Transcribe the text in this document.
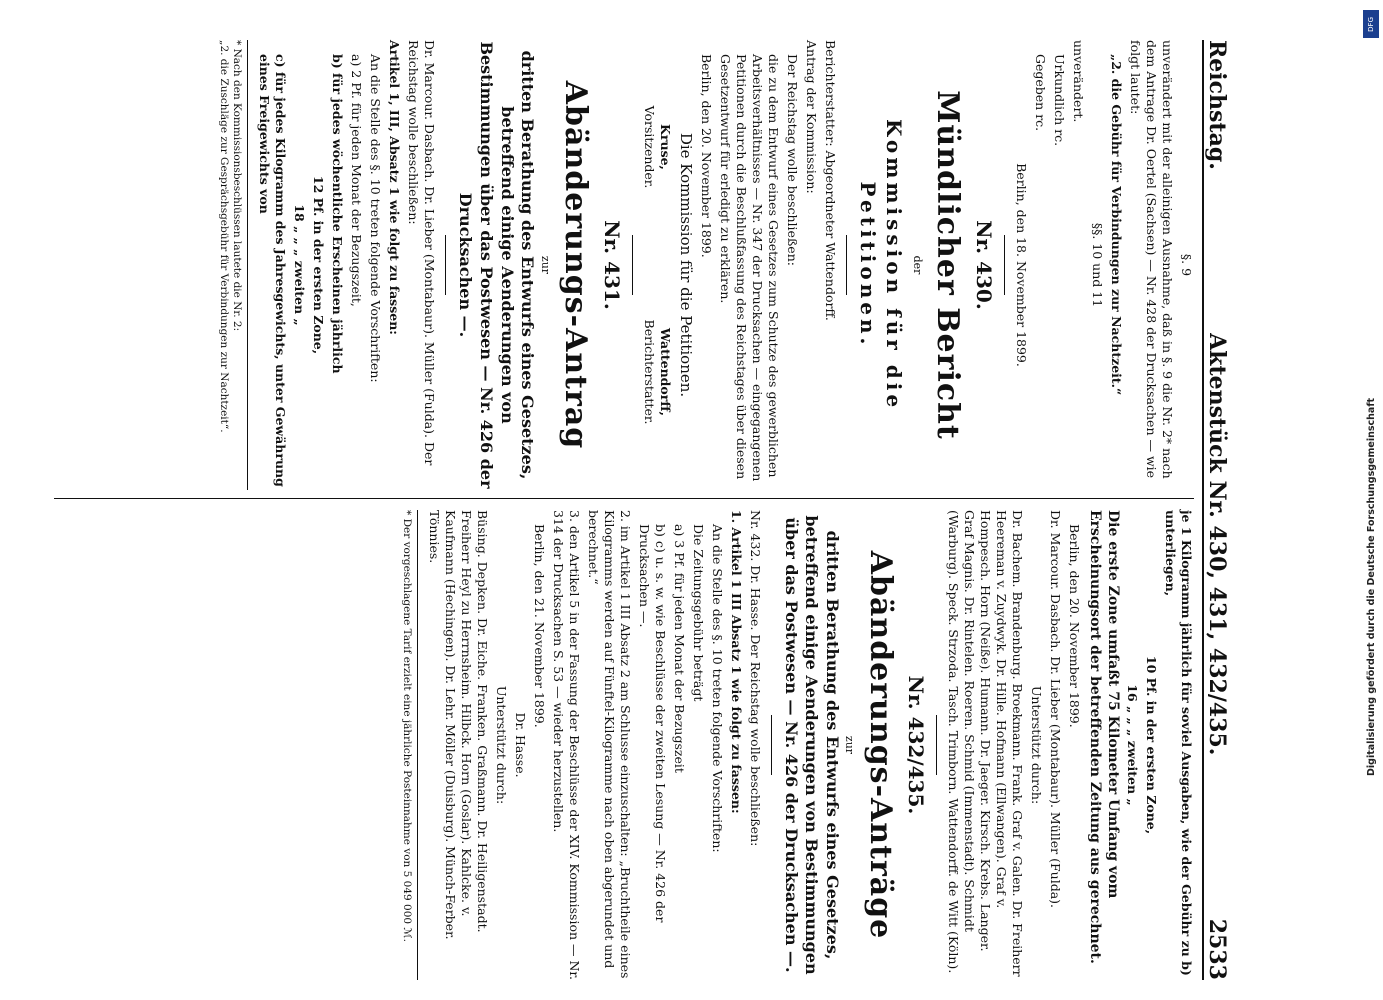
Reichstag.
Aktenstück Nr. 430, 431, 432/435.
2533

§. 9

unverändert mit der alleinigen Ausnahme, daß in §. 9 die Nr. 2* nach dem Antrage Dr. Oertel (Sachsen) — Nr. 428 der Drucksachen — wie folgt lautet:

„2. die Gebühr für Verbindungen zur Nachtzeit.“

§§. 10 und 11

unverändert.

Urkundlich rc.

Gegeben rc.

Berlin, den 18. November 1899.

Nr. 430.
Mündlicher Bericht
der
Kommission für die Petitionen.

Berichterstatter: Abgeordneter Wattendorff.

Antrag der Kommission:

Der Reichstag wolle beschließen:

die zu dem Entwurf eines Gesetzes zum Schutze des gewerblichen Arbeitsverhältnisses — Nr. 347 der Drucksachen — eingegangenen Petitionen durch die Beschlußfassung des Reichstages über diesen Gesetzentwurf für erledigt zu erklären.

Berlin, den 20. November 1899.

Die Kommission für die Petitionen.

Kruse,
Vorsitzender.
Wattendorff,
Berichterstatter.
Nr. 431.
Abänderungs-Antrag
zur
dritten Berathung des Entwurfs eines Gesetzes, betreffend einige Aenderungen von Bestimmungen über das Postwesen — Nr. 426 der Drucksachen —.

Dr. Marcour. Dasbach. Dr. Lieber (Montabaur). Müller (Fulda). Der Reichstag wolle beschließen:

Artikel 1, III, Absatz 1 wie folgt zu fassen:

An die Stelle des §. 10 treten folgende Vorschriften:

a) 2 Pf. für jeden Monat der Bezugszeit,

b) für jedes wöchentliche Erscheinen jährlich

12 Pf. in der ersten Zone,

18 „ „ „ zweiten „

c) für jedes Kilogramm des Jahresgewichts, unter Gewährung eines Freigewichts von

* Nach den Kommissionsbeschlüssen lautete die Nr. 2:
„2. die Zuschläge zur Gesprächsgebühr für Verbindungen zur Nachtzeit“.

je 1 Kilogramm jährlich für soviel Ausgaben, wie der Gebühr zu b) unterliegen,

10 Pf. in der ersten Zone,

16 „ „ „ zweiten „

Die erste Zone umfaßt 75 Kilometer Umfang vom Erscheinungsort der betreffenden Zeitung aus gerechnet.

Berlin, den 20. November 1899.

Dr. Marcour. Dasbach. Dr. Lieber (Montabaur). Müller (Fulda).

Unterstützt durch:

Dr. Bachem. Brandenburg. Broekmann. Frank. Graf v. Galen. Dr. Freiherr Heereman v. Zuydwyk. Dr. Hille. Hofmann (Ellwangen). Graf v. Hompesch. Horn (Neiße). Humann. Dr. Jaeger. Kirsch. Krebs. Langer. Graf Magnis. Dr. Rintelen. Roeren. Schmid (Immenstadt). Schmidt (Warburg). Speck. Strzoda. Tasch. Trimborn. Wattendorff. de Witt (Köln).

Nr. 432/435.
Abänderungs-Anträge
zur
dritten Berathung des Entwurfs eines Gesetzes, betreffend einige Aenderungen von Bestimmungen über das Postwesen — Nr. 426 der Drucksachen —.

Nr. 432. Dr. Hasse. Der Reichstag wolle beschließen:

1. Artikel 1 III Absatz 1 wie folgt zu fassen:

An die Stelle des §. 10 treten folgende Vorschriften:

Die Zeitungsgebühr beträgt

a) 3 Pf. für jeden Monat der Bezugszeit

b) c) u. s. w. wie Beschlüsse der zweiten Lesung — Nr. 426 der Drucksachen —.

2. im Artikel 1 III Absatz 2 am Schlusse einzuschalten: „Bruchtheile eines Kilogramms werden auf Fünftel-Kilogramme nach oben abgerundet und berechnet.“

3. den Artikel 5 in der Fassung der Beschlüsse der XIV. Kommission — Nr. 314 der Drucksachen S. 53 — wieder herzustellen.

Berlin, den 21. November 1899.

Dr. Hasse.

Unterstützt durch:

Büsing. Depken. Dr. Eiche. Franken. Graßmann. Dr. Heiligenstadt. Freiherr Heyl zu Herrnsheim. Hilbck. Horn (Goslar). Kahlcke. v. Kaufmann (Hechingen). Dr. Lehr. Möller (Duisburg). Münch-Ferber. Tönnies.

* Der vorgeschlagene Tarif erzielt eine jährliche Posteinnahme von 5 049 000 ℳ.
DFG
Digitalisierung gefördert durch die Deutsche Forschungsgemeinschaft
